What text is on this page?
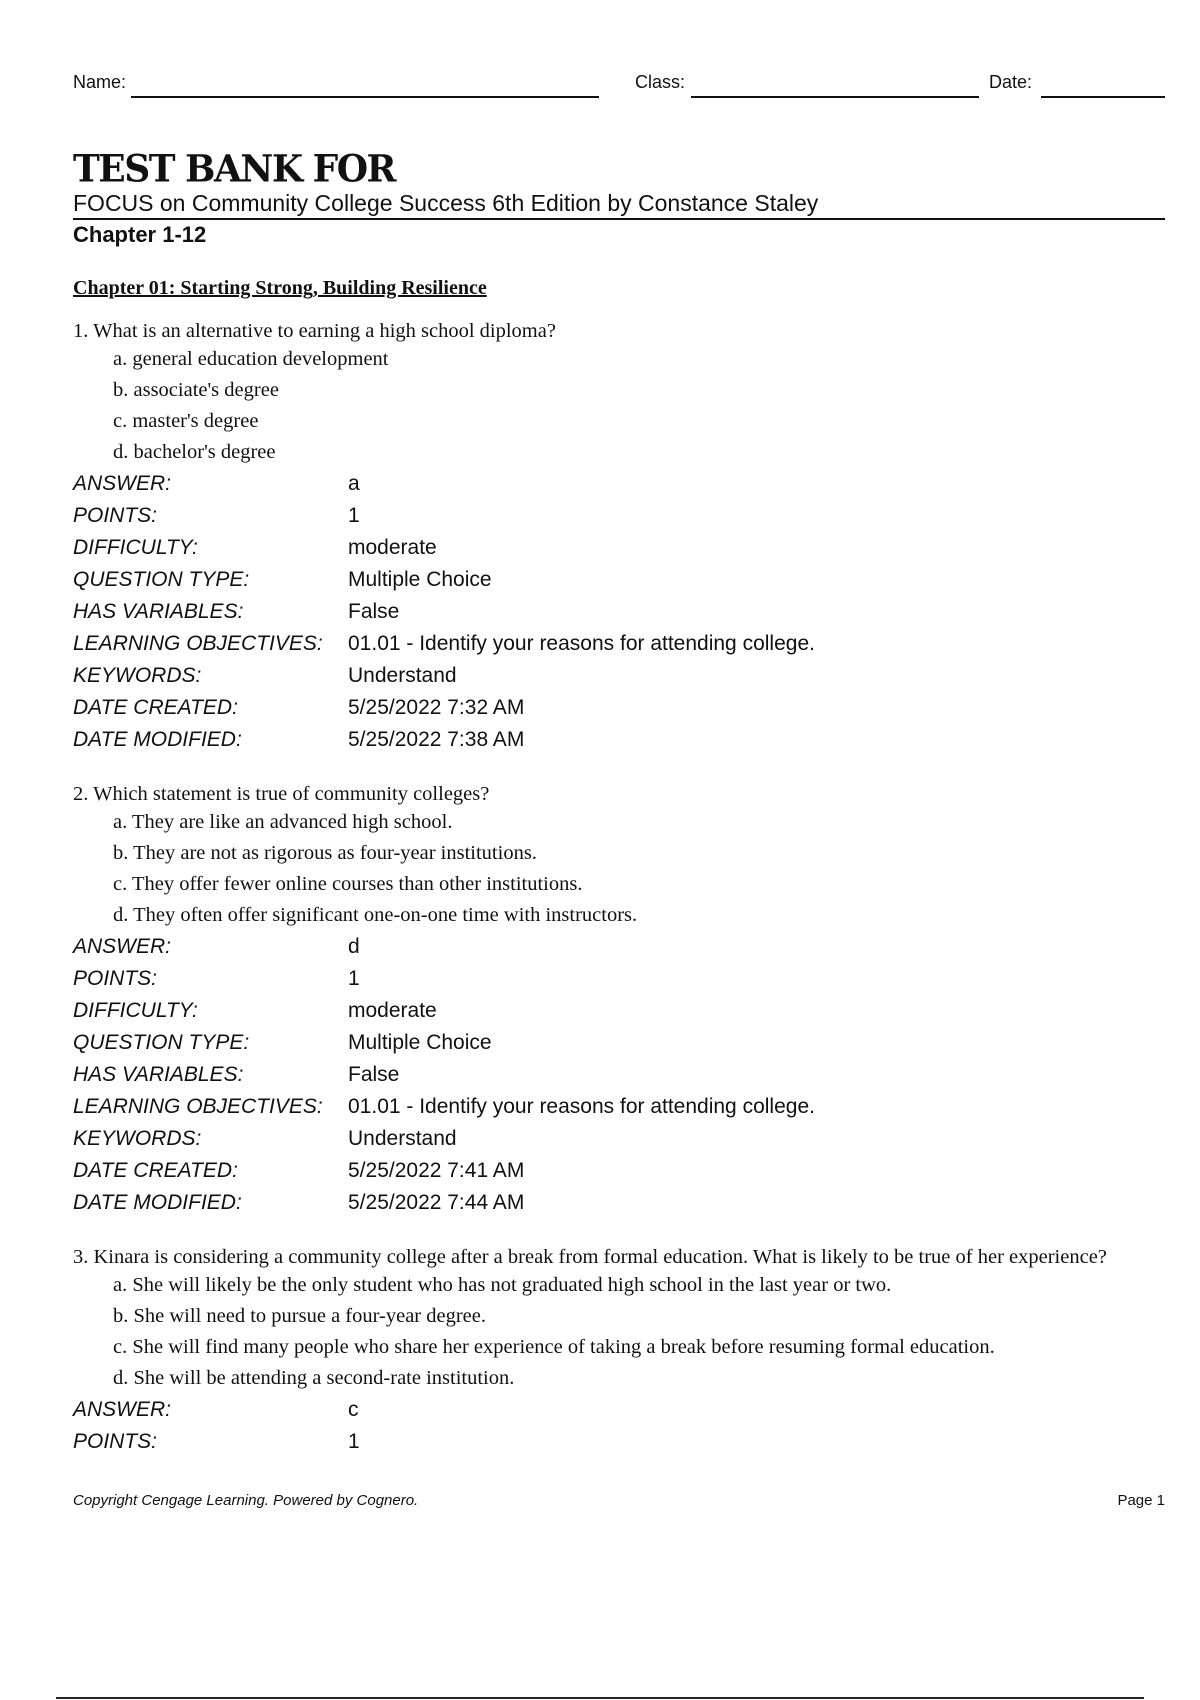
Name:	Class:	Date:
TEST BANK FOR
FOCUS on Community College Success 6th Edition by Constance Staley
Chapter 1-12
Chapter 01: Starting Strong, Building Resilience

1. What is an alternative to earning a high school diploma?

a. general education development
b. associate's degree
c. master's degree
d. bachelor's degree
ANSWER:	a
POINTS:	1
DIFFICULTY:	moderate
QUESTION TYPE:	Multiple Choice
HAS VARIABLES:	False
LEARNING OBJECTIVES: 01.01 - Identify your reasons for attending college.
KEYWORDS:	Understand
DATE CREATED:	5/25/2022 7:32 AM
DATE MODIFIED:	5/25/2022 7:38 AM

2. Which statement is true of community colleges?

a. They are like an advanced high school.
b. They are not as rigorous as four-year institutions.
c. They offer fewer online courses than other institutions.
d. They often offer significant one-on-one time with instructors.
ANSWER:	d
POINTS:	1
DIFFICULTY:	moderate
QUESTION TYPE:	Multiple Choice
HAS VARIABLES:	False
LEARNING OBJECTIVES: 01.01 - Identify your reasons for attending college.
KEYWORDS:	Understand
DATE CREATED:	5/25/2022 7:41 AM
DATE MODIFIED:	5/25/2022 7:44 AM

3. Kinara is considering a community college after a break from formal education. What is likely to be true of her experience?

a. She will likely be the only student who has not graduated high school in the last year or two.
b. She will need to pursue a four-year degree.
c. She will find many people who share her experience of taking a break before resuming formal education.
d. She will be attending a second-rate institution.
ANSWER:	c
POINTS:	1
Copyright Cengage Learning. Powered by Cognero.	Page 1
